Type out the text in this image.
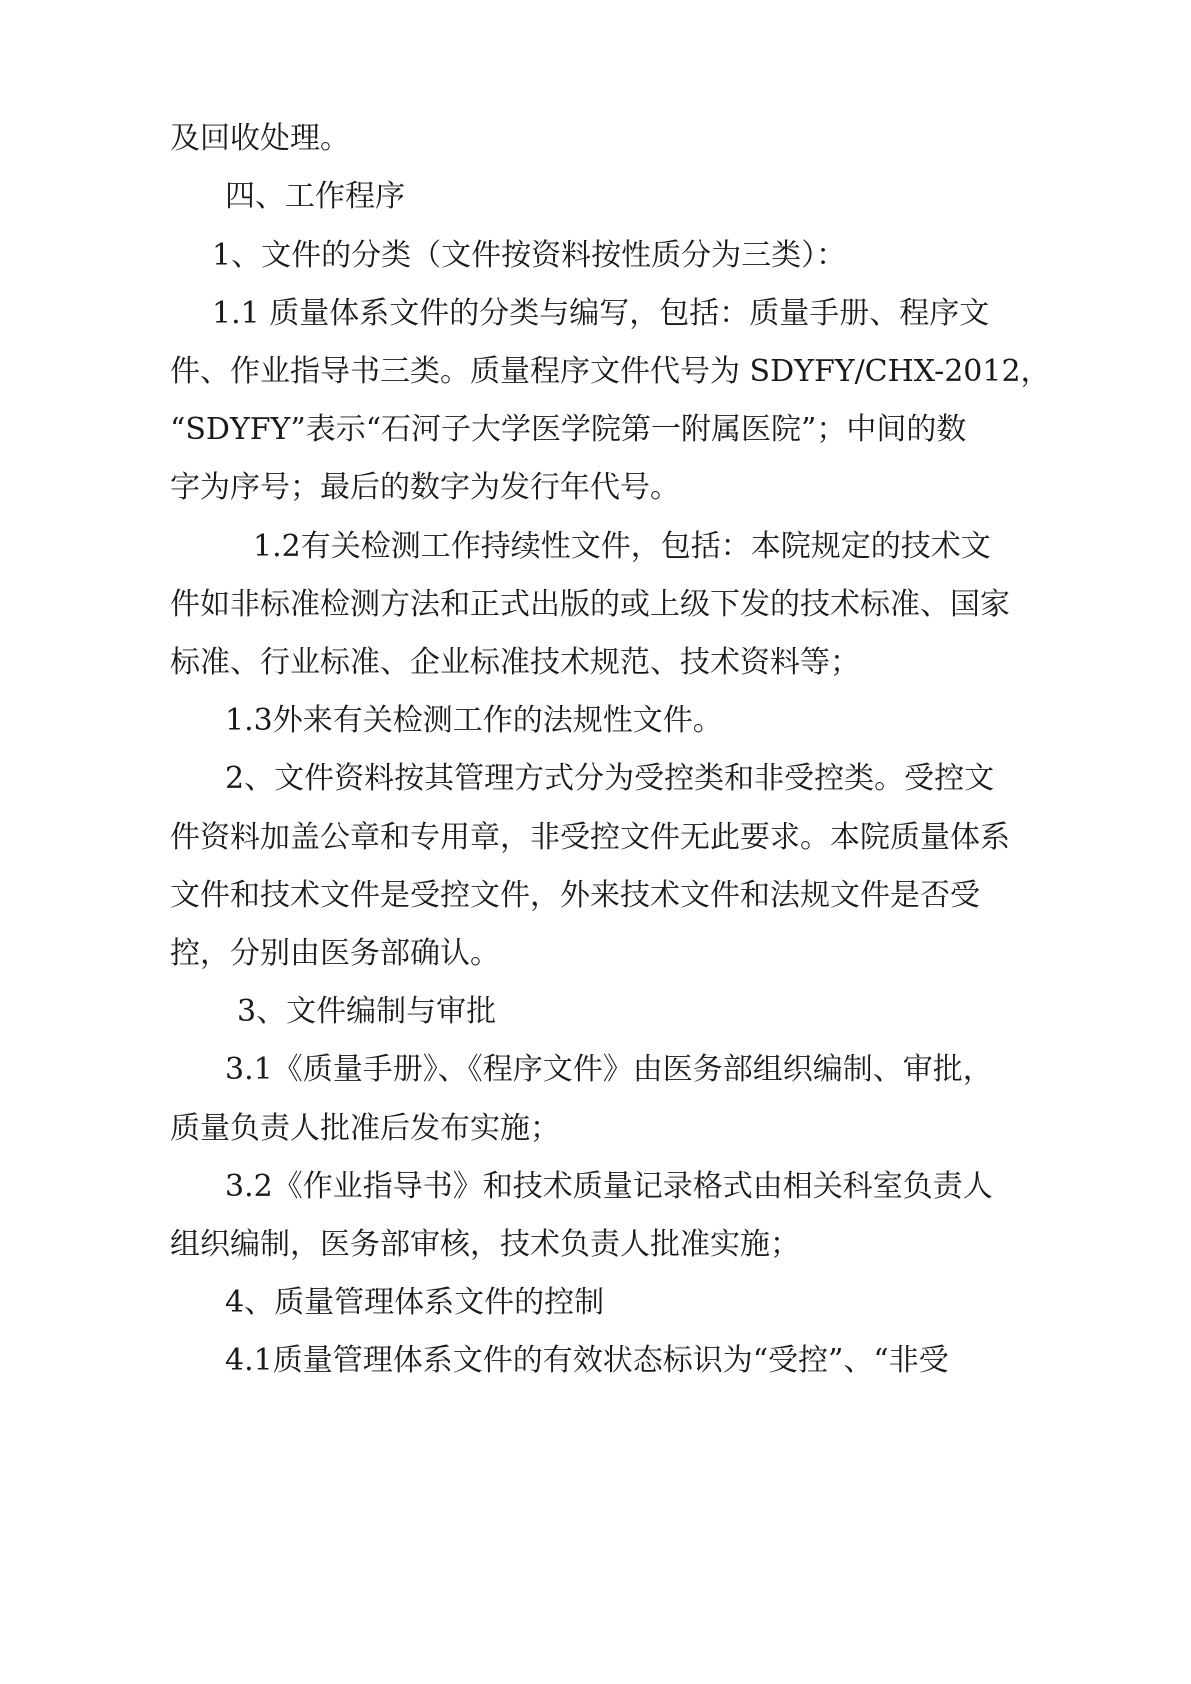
及回收处理。

四、工作程序

1、文件的分类（文件按资料按性质分为三类）：

1.1 质量体系文件的分类与编写，包括：质量手册、程序文

件、作业指导书三类。质量程序文件代号为 SDYFY/CHX-2012，

“SDYFY”表示“石河子大学医学院第一附属医院”；中间的数

字为序号；最后的数字为发行年代号。

1.2有关检测工作持续性文件，包括：本院规定的技术文

件如非标准检测方法和正式出版的或上级下发的技术标准、国家

标准、行业标准、企业标准技术规范、技术资料等；

1.3外来有关检测工作的法规性文件。

2、文件资料按其管理方式分为受控类和非受控类。受控文

件资料加盖公章和专用章，非受控文件无此要求。本院质量体系

文件和技术文件是受控文件，外来技术文件和法规文件是否受

控，分别由医务部确认。

3、文件编制与审批

3.1《质量手册》、《程序文件》由医务部组织编制、审批，

质量负责人批准后发布实施；

3.2《作业指导书》和技术质量记录格式由相关科室负责人

组织编制，医务部审核，技术负责人批准实施；

4、质量管理体系文件的控制

4.1质量管理体系文件的有效状态标识为“受控”、“非受
